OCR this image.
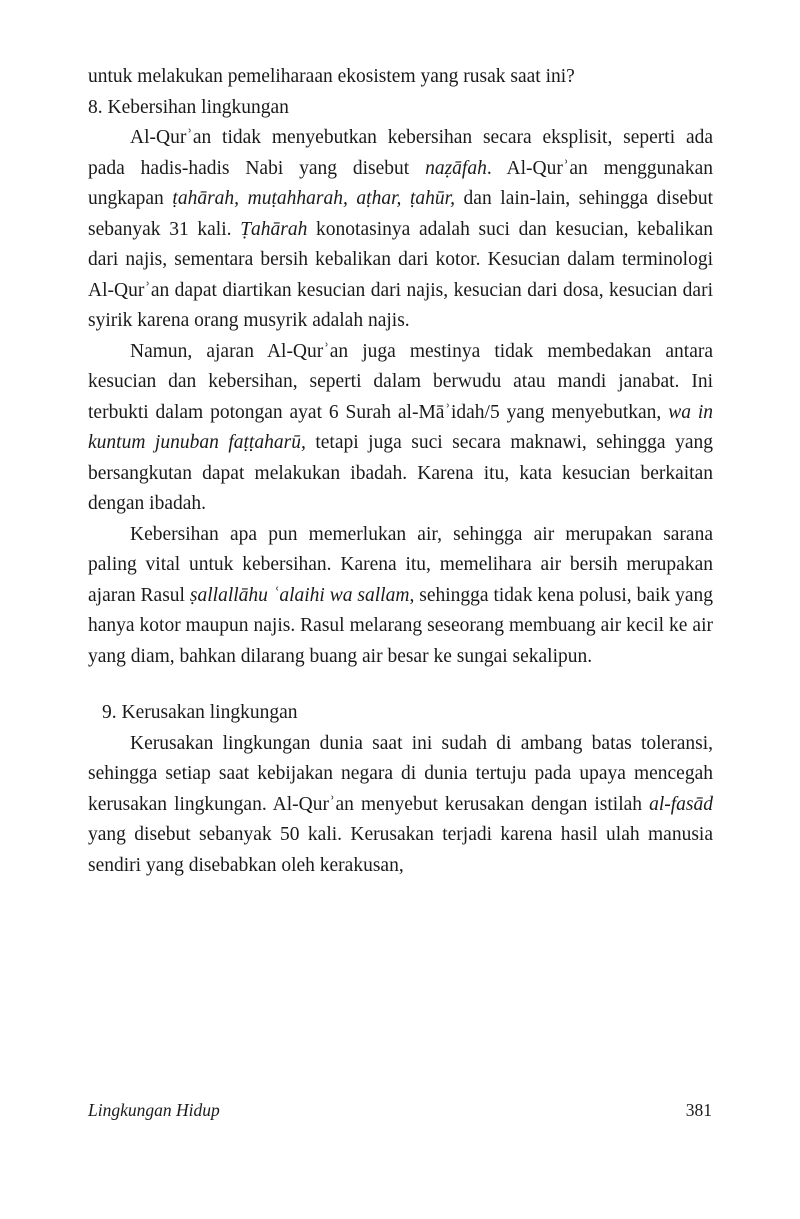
untuk melakukan pemeliharaan ekosistem yang rusak saat ini?

8. Kebersihan lingkungan

Al-Qurʾan tidak menyebutkan kebersihan secara eksplisit, seperti ada pada hadis-hadis Nabi yang disebut naẓāfah. Al-Qurʾan menggunakan ungkapan ṭahārah, muṭahharah, aṭhar, ṭahūr, dan lain-lain, sehingga disebut sebanyak 31 kali. Ṭahārah konotasinya adalah suci dan kesucian, kebalikan dari najis, sementara bersih kebalikan dari kotor. Kesucian dalam terminologi Al-Qurʾan dapat diartikan kesucian dari najis, kesucian dari dosa, kesucian dari syirik karena orang musyrik adalah najis.

Namun, ajaran Al-Qurʾan juga mestinya tidak membedakan antara kesucian dan kebersihan, seperti dalam berwudu atau mandi janabat. Ini terbukti dalam potongan ayat 6 Surah al-Māʾidah/5 yang menyebutkan, wa in kuntum junuban faṭṭaharū, tetapi juga suci secara maknawi, sehingga yang bersangkutan dapat melakukan ibadah. Karena itu, kata kesucian berkaitan dengan ibadah.

Kebersihan apa pun memerlukan air, sehingga air merupakan sarana paling vital untuk kebersihan. Karena itu, memelihara air bersih merupakan ajaran Rasul ṣallallāhu ʿalaihi wa sallam, sehingga tidak kena polusi, baik yang hanya kotor maupun najis. Rasul melarang seseorang membuang air kecil ke air yang diam, bahkan dilarang buang air besar ke sungai sekalipun.

9. Kerusakan lingkungan

Kerusakan lingkungan dunia saat ini sudah di ambang batas toleransi, sehingga setiap saat kebijakan negara di dunia tertuju pada upaya mencegah kerusakan lingkungan. Al-Qurʾan menyebut kerusakan dengan istilah al-fasād yang disebut sebanyak 50 kali. Kerusakan terjadi karena hasil ulah manusia sendiri yang disebabkan oleh kerakusan,

Lingkungan Hidup	381
